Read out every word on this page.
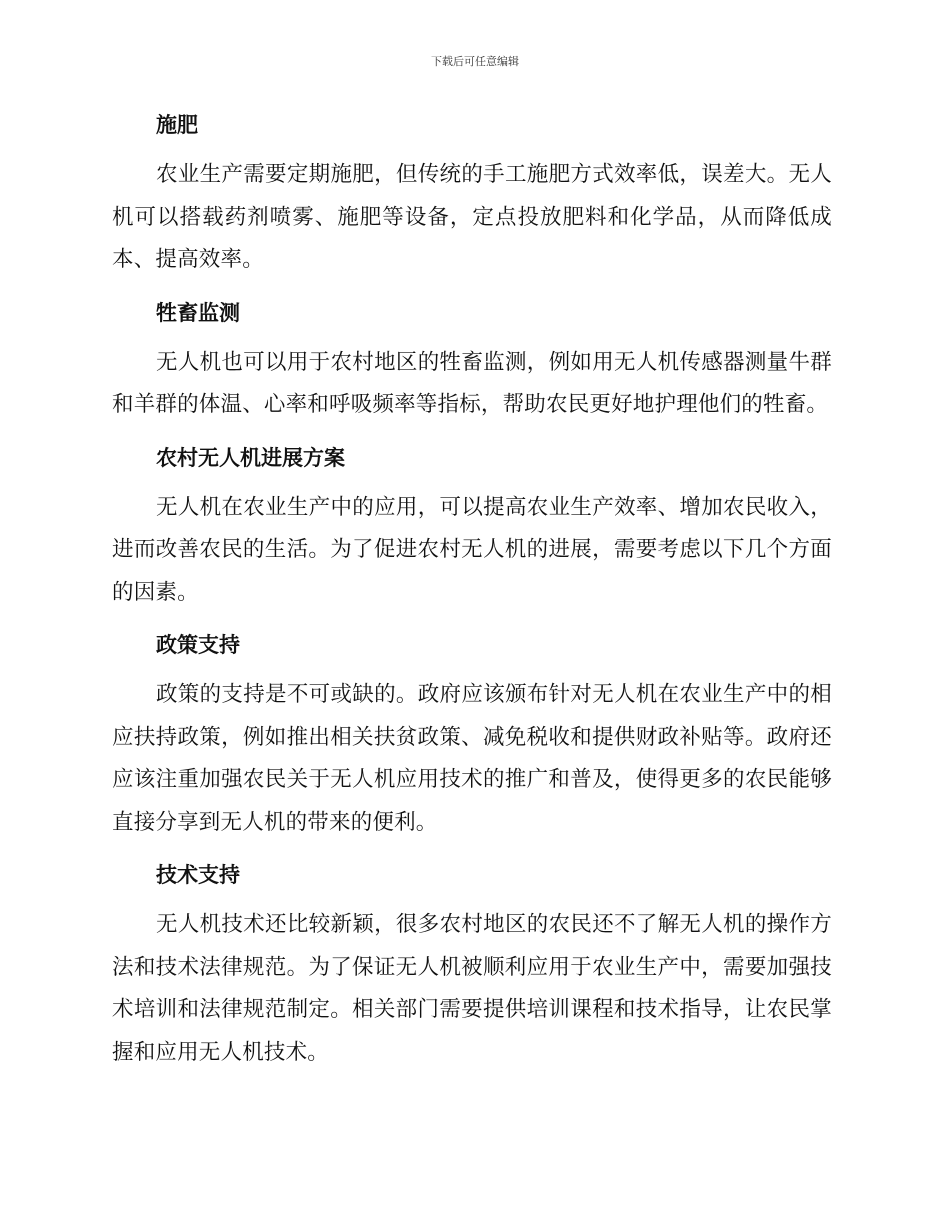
下载后可任意编辑
施肥

农业生产需要定期施肥，但传统的手工施肥方式效率低，误差大。无人机可以搭载药剂喷雾、施肥等设备，定点投放肥料和化学品，从而降低成本、提高效率。

牲畜监测

无人机也可以用于农村地区的牲畜监测，例如用无人机传感器测量牛群和羊群的体温、心率和呼吸频率等指标，帮助农民更好地护理他们的牲畜。

农村无人机进展方案

无人机在农业生产中的应用，可以提高农业生产效率、增加农民收入，进而改善农民的生活。为了促进农村无人机的进展，需要考虑以下几个方面的因素。

政策支持

政策的支持是不可或缺的。政府应该颁布针对无人机在农业生产中的相应扶持政策，例如推出相关扶贫政策、减免税收和提供财政补贴等。政府还应该注重加强农民关于无人机应用技术的推广和普及，使得更多的农民能够直接分享到无人机的带来的便利。

技术支持

无人机技术还比较新颖，很多农村地区的农民还不了解无人机的操作方法和技术法律规范。为了保证无人机被顺利应用于农业生产中，需要加强技术培训和法律规范制定。相关部门需要提供培训课程和技术指导，让农民掌握和应用无人机技术。
